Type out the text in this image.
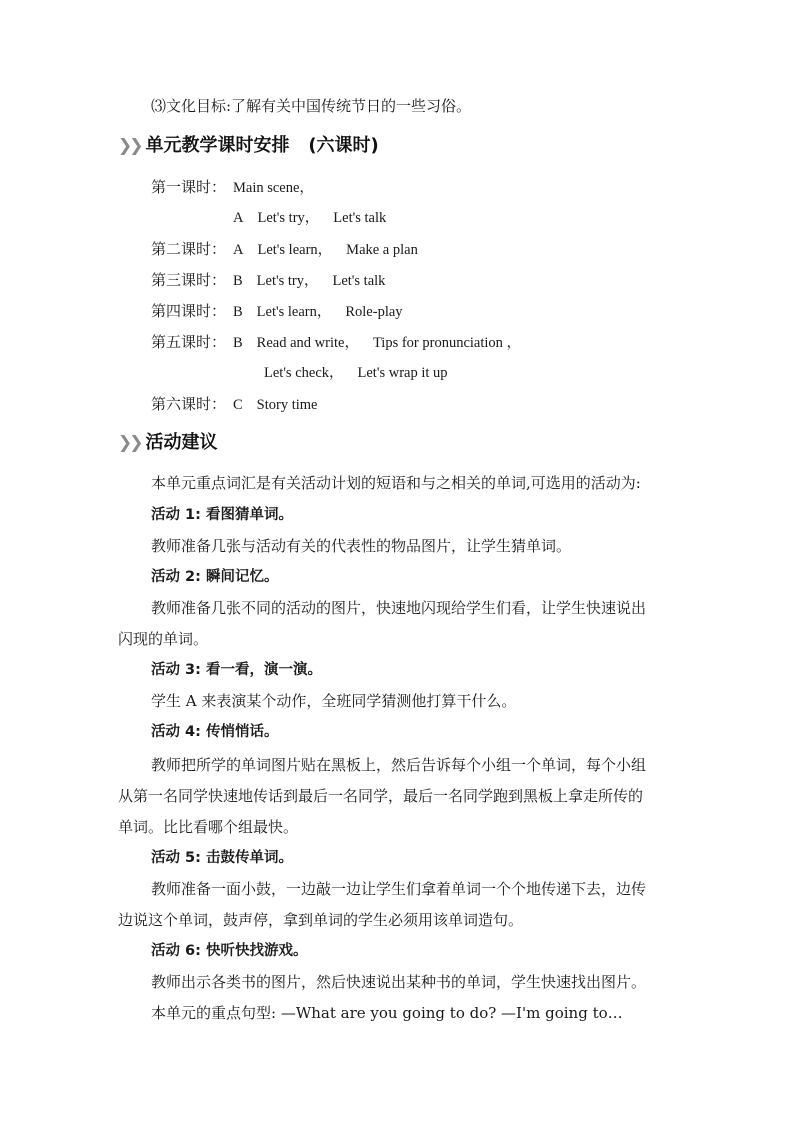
⑶文化目标:了解有关中国传统节日的一些习俗。
❯❯ 单元教学课时安排 (六课时)
第一课时： Main scene，
A Let's try， Let's talk
第二课时： A Let's learn， Make a plan
第三课时： B Let's try， Let's talk
第四课时： B Let's learn， Role-play
第五课时： B Read and write， Tips for pronunciation ，
Let's check， Let's wrap it up
第六课时： C Story time
❯❯ 活动建议
本单元重点词汇是有关活动计划的短语和与之相关的单词,可选用的活动为:
活动 1: 看图猜单词。
教师准备几张与活动有关的代表性的物品图片，让学生猜单词。
活动 2: 瞬间记忆。
教师准备几张不同的活动的图片，快速地闪现给学生们看，让学生快速说出
闪现的单词。
活动 3: 看一看，演一演。
学生 A 来表演某个动作，全班同学猜测他打算干什么。
活动 4: 传悄悄话。
教师把所学的单词图片贴在黑板上，然后告诉每个小组一个单词，每个小组
从第一名同学快速地传话到最后一名同学，最后一名同学跑到黑板上拿走所传的
单词。比比看哪个组最快。
活动 5: 击鼓传单词。
教师准备一面小鼓，一边敲一边让学生们拿着单词一个个地传递下去，边传
边说这个单词，鼓声停，拿到单词的学生必须用该单词造句。
活动 6: 快听快找游戏。
教师出示各类书的图片，然后快速说出某种书的单词，学生快速找出图片。
本单元的重点句型: —What are you going to do? —I'm going to…
